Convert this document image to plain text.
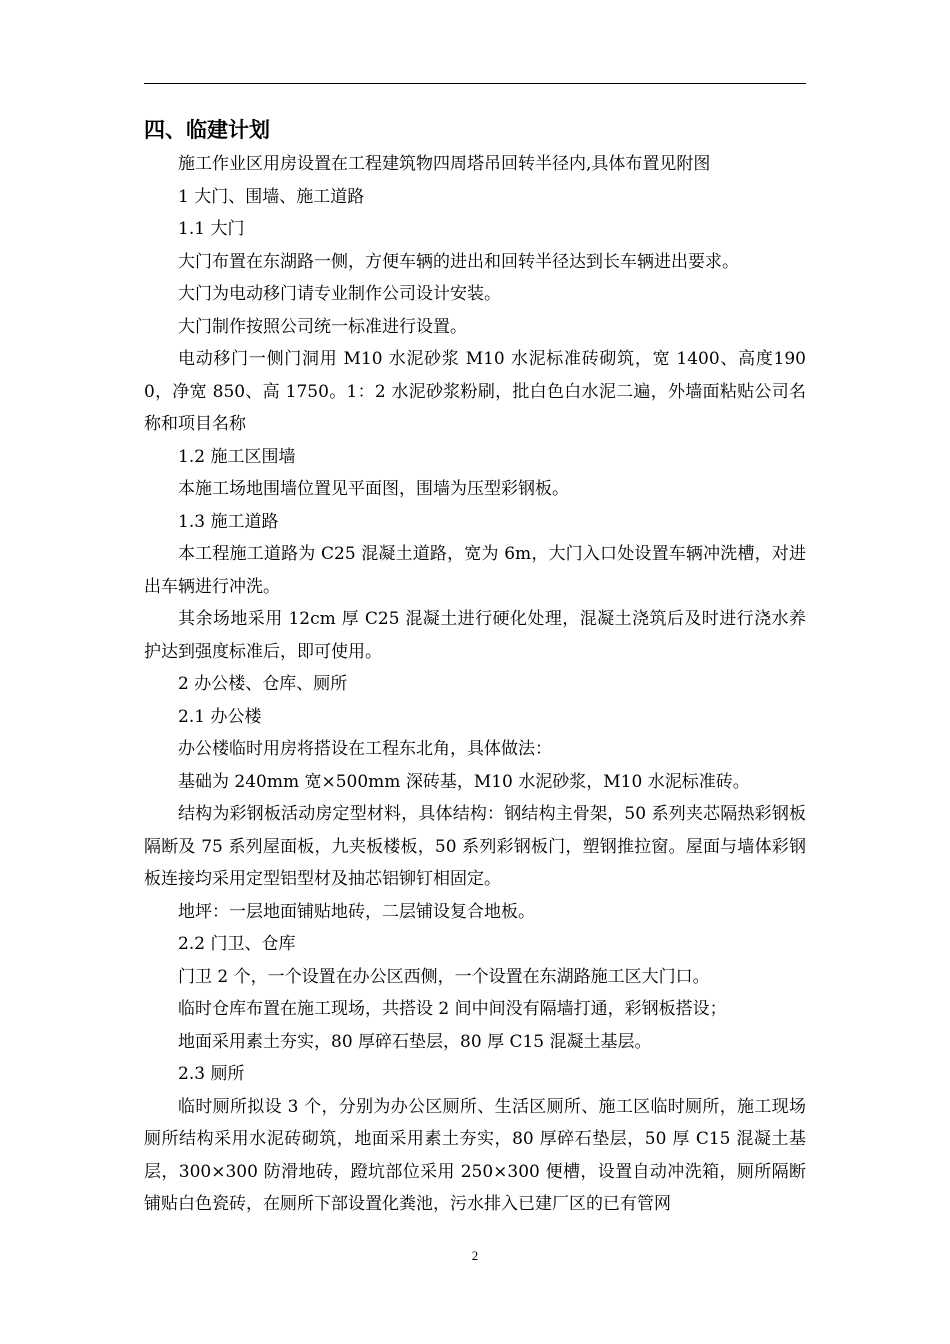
四、临建计划

施工作业区用房设置在工程建筑物四周塔吊回转半径内,具体布置见附图

1 大门、围墙、施工道路

1.1 大门

大门布置在东湖路一侧，方便车辆的进出和回转半径达到长车辆进出要求。

大门为电动移门请专业制作公司设计安装。

大门制作按照公司统一标准进行设置。

电动移门一侧门洞用 M10 水泥砂浆 M10 水泥标准砖砌筑，宽 1400、高度1900，净宽 850、高 1750。1：2 水泥砂浆粉刷，批白色白水泥二遍，外墙面粘贴公司名称和项目名称

1.2 施工区围墙

本施工场地围墙位置见平面图，围墙为压型彩钢板。

1.3 施工道路

本工程施工道路为 C25 混凝土道路，宽为 6m，大门入口处设置车辆冲洗槽，对进出车辆进行冲洗。

其余场地采用 12cm 厚 C25 混凝土进行硬化处理，混凝土浇筑后及时进行浇水养护达到强度标准后，即可使用。

2 办公楼、仓库、厕所

2.1 办公楼

办公楼临时用房将搭设在工程东北角，具体做法：

基础为 240mm 宽×500mm 深砖基，M10 水泥砂浆，M10 水泥标准砖。

结构为彩钢板活动房定型材料，具体结构：钢结构主骨架，50 系列夹芯隔热彩钢板隔断及 75 系列屋面板，九夹板楼板，50 系列彩钢板门，塑钢推拉窗。屋面与墙体彩钢板连接均采用定型铝型材及抽芯铝铆钉相固定。

地坪：一层地面铺贴地砖，二层铺设复合地板。

2.2 门卫、仓库

门卫 2 个，一个设置在办公区西侧，一个设置在东湖路施工区大门口。

临时仓库布置在施工现场，共搭设 2 间中间没有隔墙打通，彩钢板搭设；

地面采用素土夯实，80 厚碎石垫层，80 厚 C15 混凝土基层。

2.3 厕所

临时厕所拟设 3 个，分别为办公区厕所、生活区厕所、施工区临时厕所，施工现场厕所结构采用水泥砖砌筑，地面采用素土夯实，80 厚碎石垫层，50 厚 C15 混凝土基层，300×300 防滑地砖，蹬坑部位采用 250×300 便槽，设置自动冲洗箱，厕所隔断铺贴白色瓷砖，在厕所下部设置化粪池，污水排入已建厂区的已有管网

2
